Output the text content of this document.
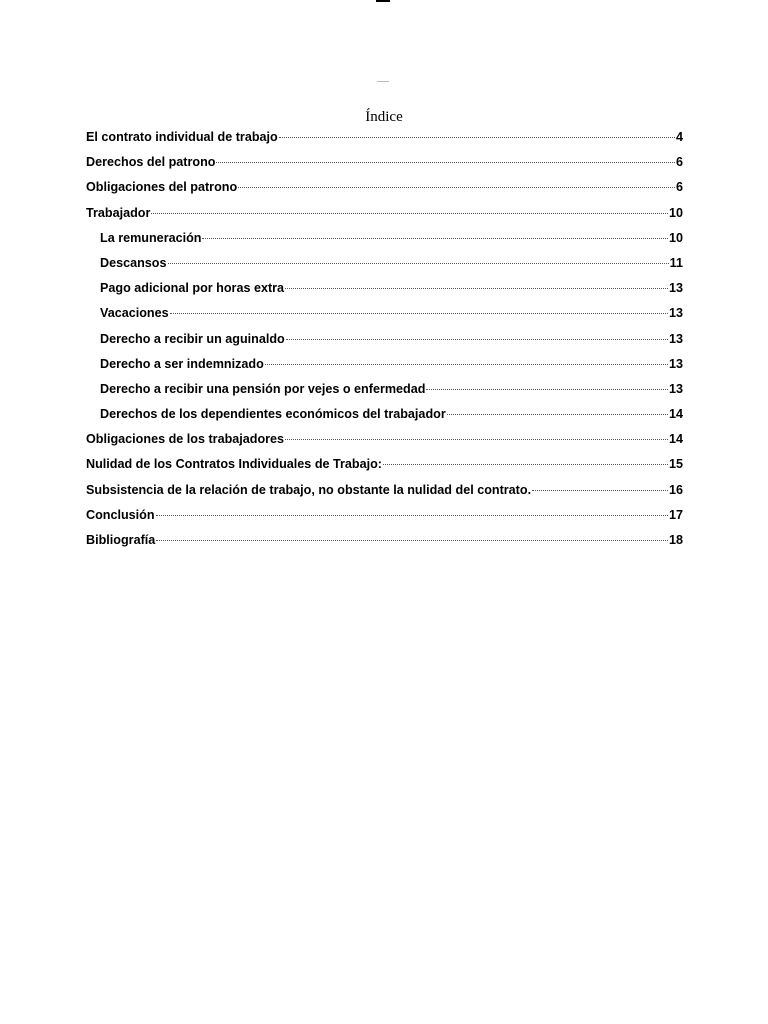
Índice
El contrato individual de trabajo	4
Derechos del patrono	6
Obligaciones del patrono	6
Trabajador	10
La remuneración	10
Descansos	11
Pago adicional por horas extra	13
Vacaciones	13
Derecho a recibir un aguinaldo	13
Derecho a ser indemnizado	13
Derecho a recibir una pensión por vejes o enfermedad	13
Derechos de los dependientes económicos del trabajador	14
Obligaciones de los trabajadores	14
Nulidad de los Contratos Individuales de Trabajo:	15
Subsistencia de la relación de trabajo, no obstante la nulidad del contrato.	16
Conclusión	17
Bibliografía	18
